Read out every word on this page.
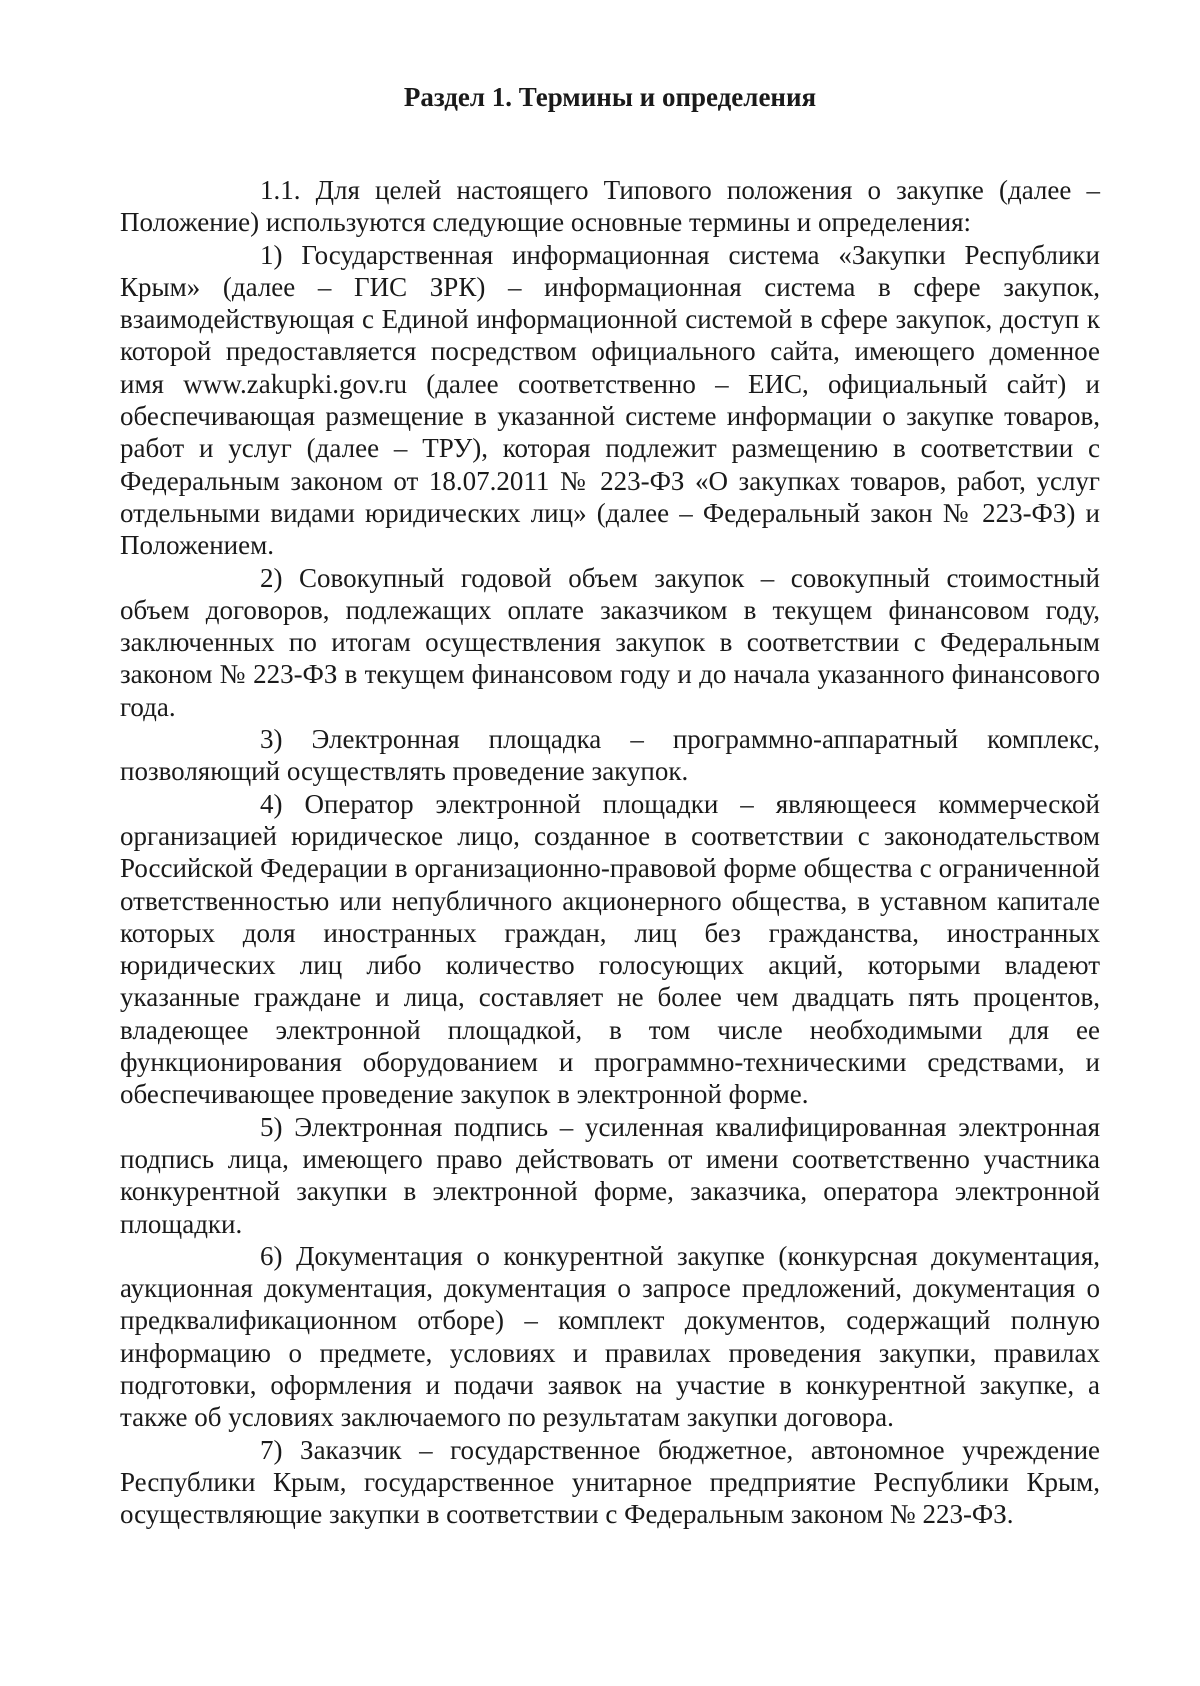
Раздел 1. Термины и определения

1.1. Для целей настоящего Типового положения о закупке (далее – Положение) используются следующие основные термины и определения:

1) Государственная информационная система «Закупки Республики Крым» (далее – ГИС ЗРК) – информационная система в сфере закупок, взаимодействующая с Единой информационной системой в сфере закупок, доступ к которой предоставляется посредством официального сайта, имеющего доменное имя www.zakupki.gov.ru (далее соответственно – ЕИС, официальный сайт) и обеспечивающая размещение в указанной системе информации о закупке товаров, работ и услуг (далее – ТРУ), которая подлежит размещению в соответствии с Федеральным законом от 18.07.2011 № 223-ФЗ «О закупках товаров, работ, услуг отдельными видами юридических лиц» (далее – Федеральный закон № 223-ФЗ) и Положением.

2) Совокупный годовой объем закупок – совокупный стоимостный объем договоров, подлежащих оплате заказчиком в текущем финансовом году, заключенных по итогам осуществления закупок в соответствии с Федеральным законом № 223-ФЗ в текущем финансовом году и до начала указанного финансового года.

3) Электронная площадка – программно-аппаратный комплекс, позволяющий осуществлять проведение закупок.

4) Оператор электронной площадки – являющееся коммерческой организацией юридическое лицо, созданное в соответствии с законодательством Российской Федерации в организационно-правовой форме общества с ограниченной ответственностью или непубличного акционерного общества, в уставном капитале которых доля иностранных граждан, лиц без гражданства, иностранных юридических лиц либо количество голосующих акций, которыми владеют указанные граждане и лица, составляет не более чем двадцать пять процентов, владеющее электронной площадкой, в том числе необходимыми для ее функционирования оборудованием и программно-техническими средствами, и обеспечивающее проведение закупок в электронной форме.

5) Электронная подпись – усиленная квалифицированная электронная подпись лица, имеющего право действовать от имени соответственно участника конкурентной закупки в электронной форме, заказчика, оператора электронной площадки.

6) Документация о конкурентной закупке (конкурсная документация, аукционная документация, документация о запросе предложений, документация о предквалификационном отборе) – комплект документов, содержащий полную информацию о предмете, условиях и правилах проведения закупки, правилах подготовки, оформления и подачи заявок на участие в конкурентной закупке, а также об условиях заключаемого по результатам закупки договора.

7) Заказчик – государственное бюджетное, автономное учреждение Республики Крым, государственное унитарное предприятие Республики Крым, осуществляющие закупки в соответствии с Федеральным законом № 223-ФЗ.
